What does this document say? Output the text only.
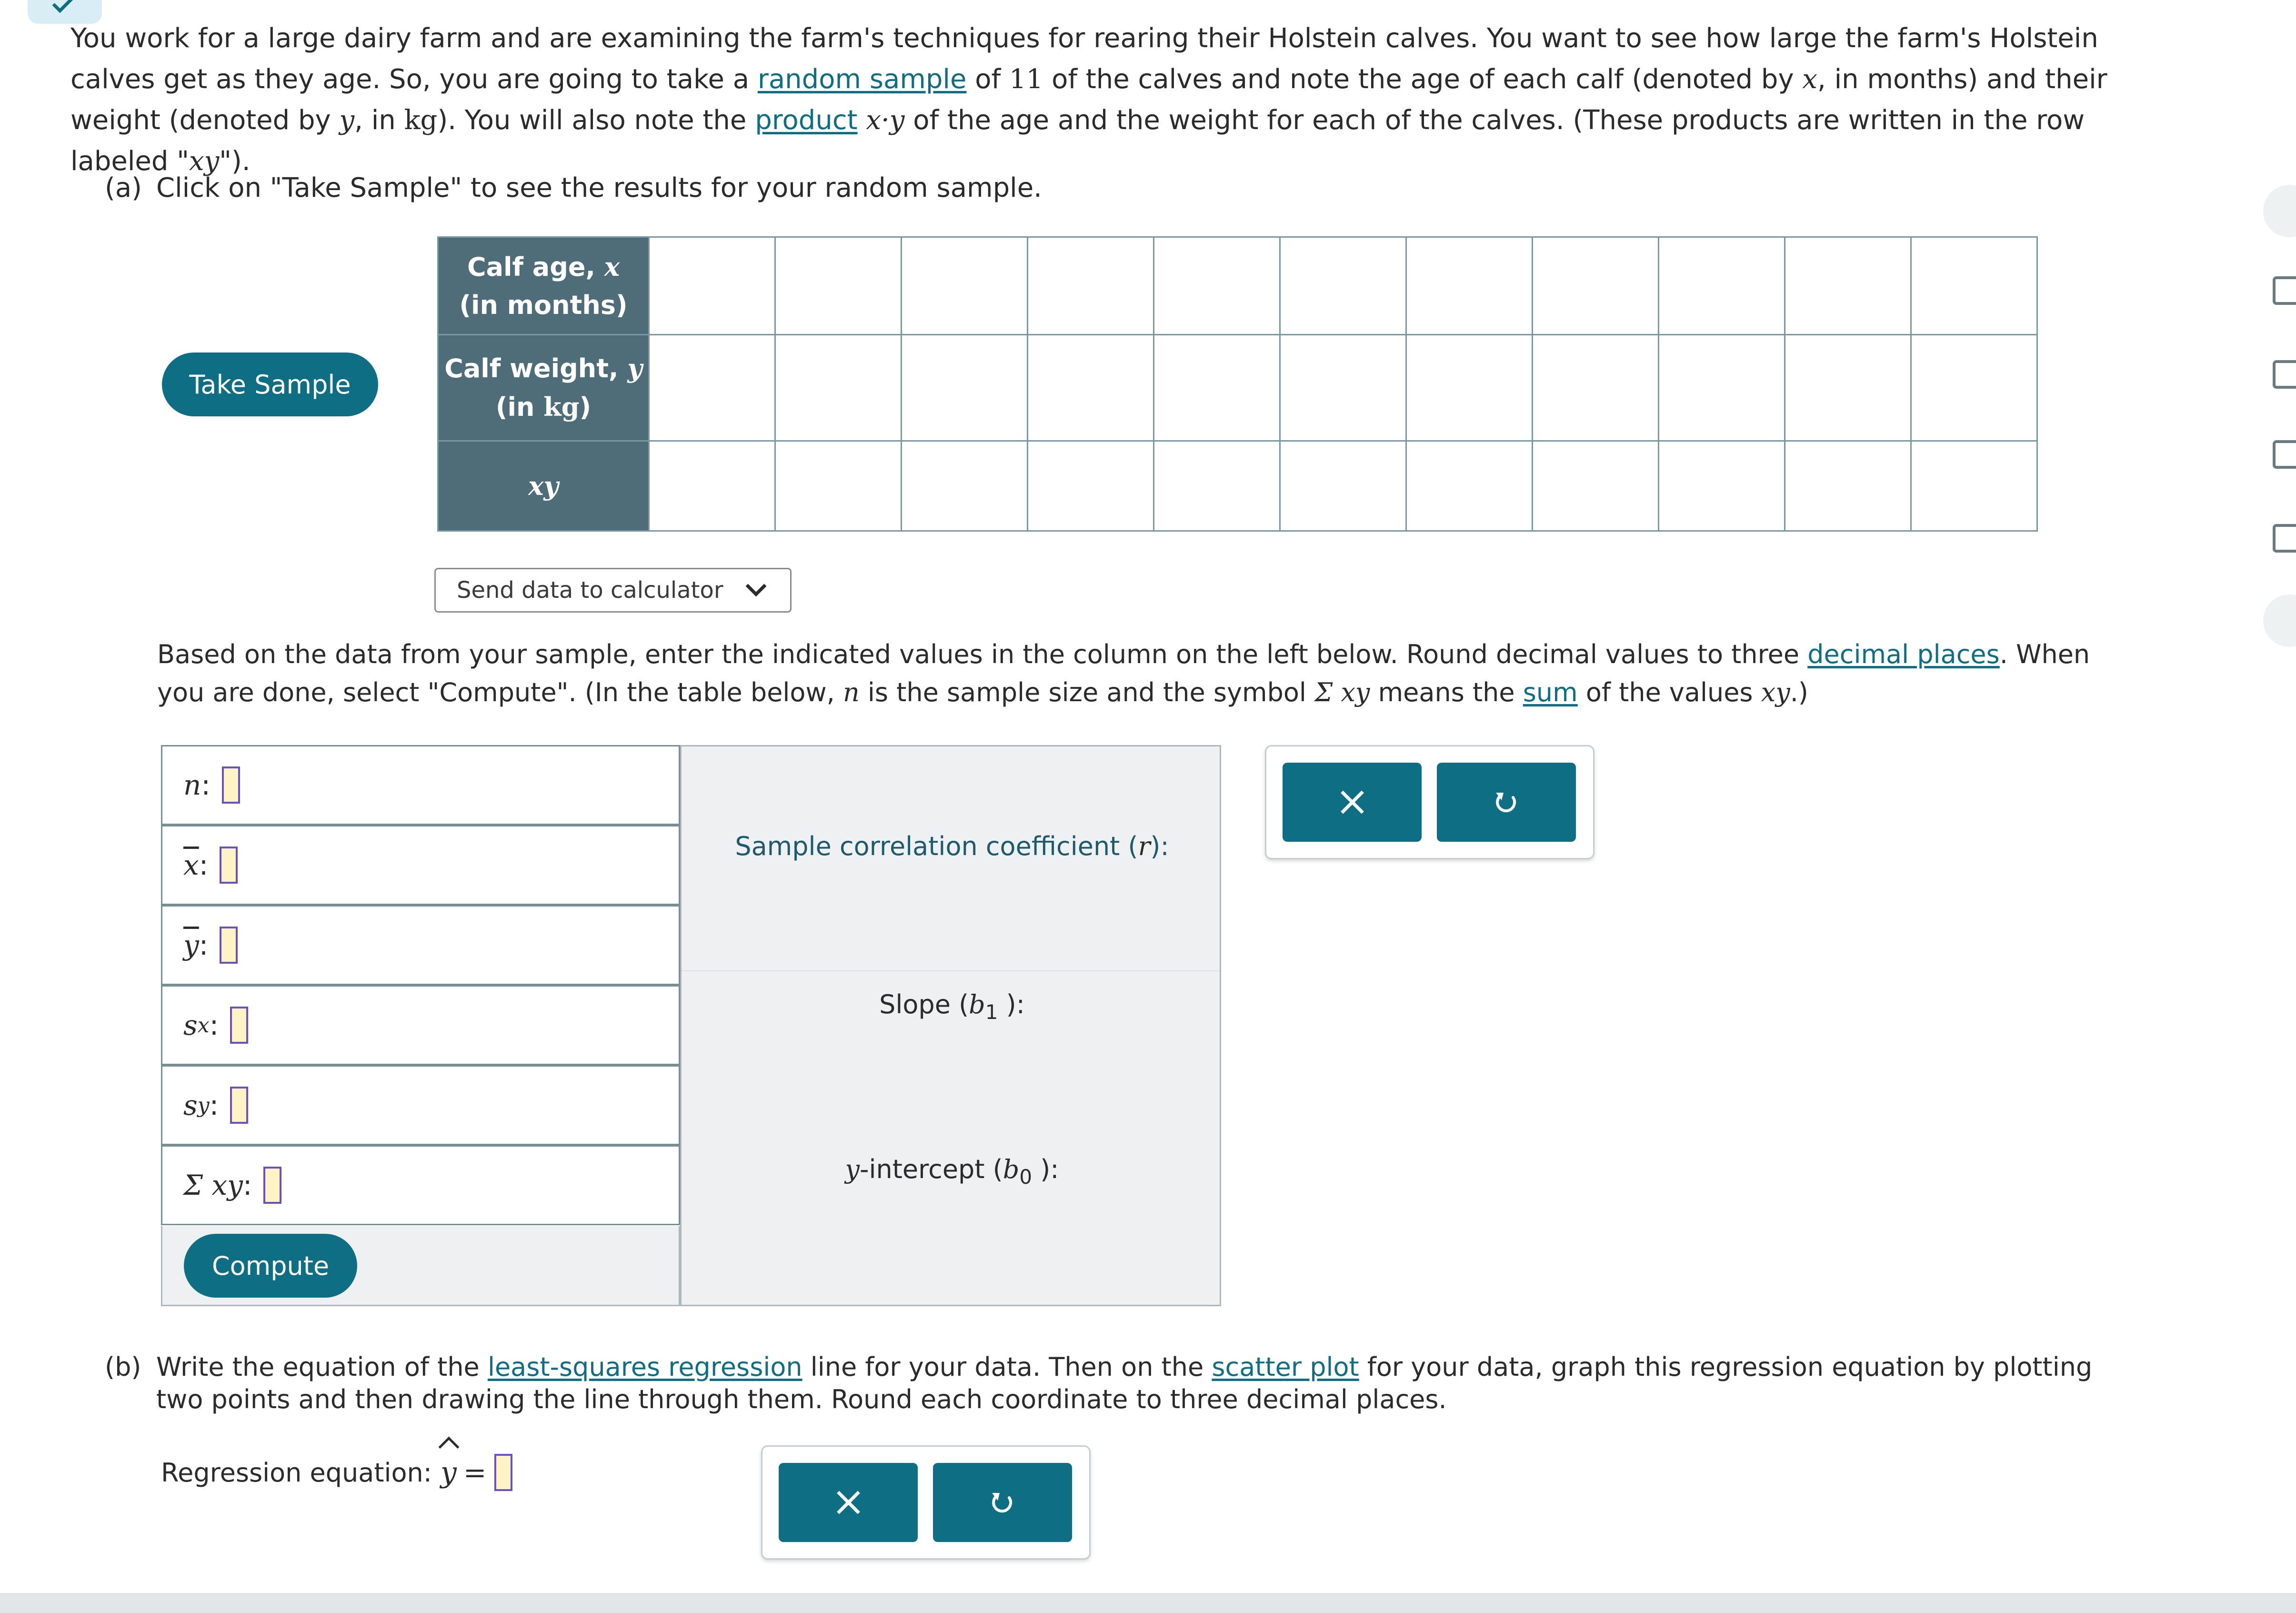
You work for a large dairy farm and are examining the farm's techniques for rearing their Holstein calves. You want to see how large the farm's Holstein calves get as they age. So, you are going to take a random sample of 11 of the calves and note the age of each calf (denoted by x, in months) and their weight (denoted by y, in kg). You will also note the product x·y of the age and the weight for each of the calves. (These products are written in the row labeled "xy").
(a) Click on "Take Sample" to see the results for your random sample.
Take Sample
Calf age, x
(in months)											
Calf weight, y
(in kg)											
xy											
Send data to calculator
Based on the data from your sample, enter the indicated values in the column on the left below. Round decimal values to three decimal places. When you are done, select "Compute". (In the table below, n is the sample size and the symbol Σ xy means the sum of the values xy.)
n :
$\overline{x}$ :
$\overline{y}$ :
s x :
s y :
Σ xy :
Compute
Sample correlation coefficient (r):
Slope ($b_1$ ):
y-intercept ($b_0$ ):
(b) Write the equation of the least-squares regression line for your data. Then on the scatter plot for your data, graph this regression equation by plotting
two points and then drawing the line through them. Round each coordinate to three decimal places.
Regression equation: y =
